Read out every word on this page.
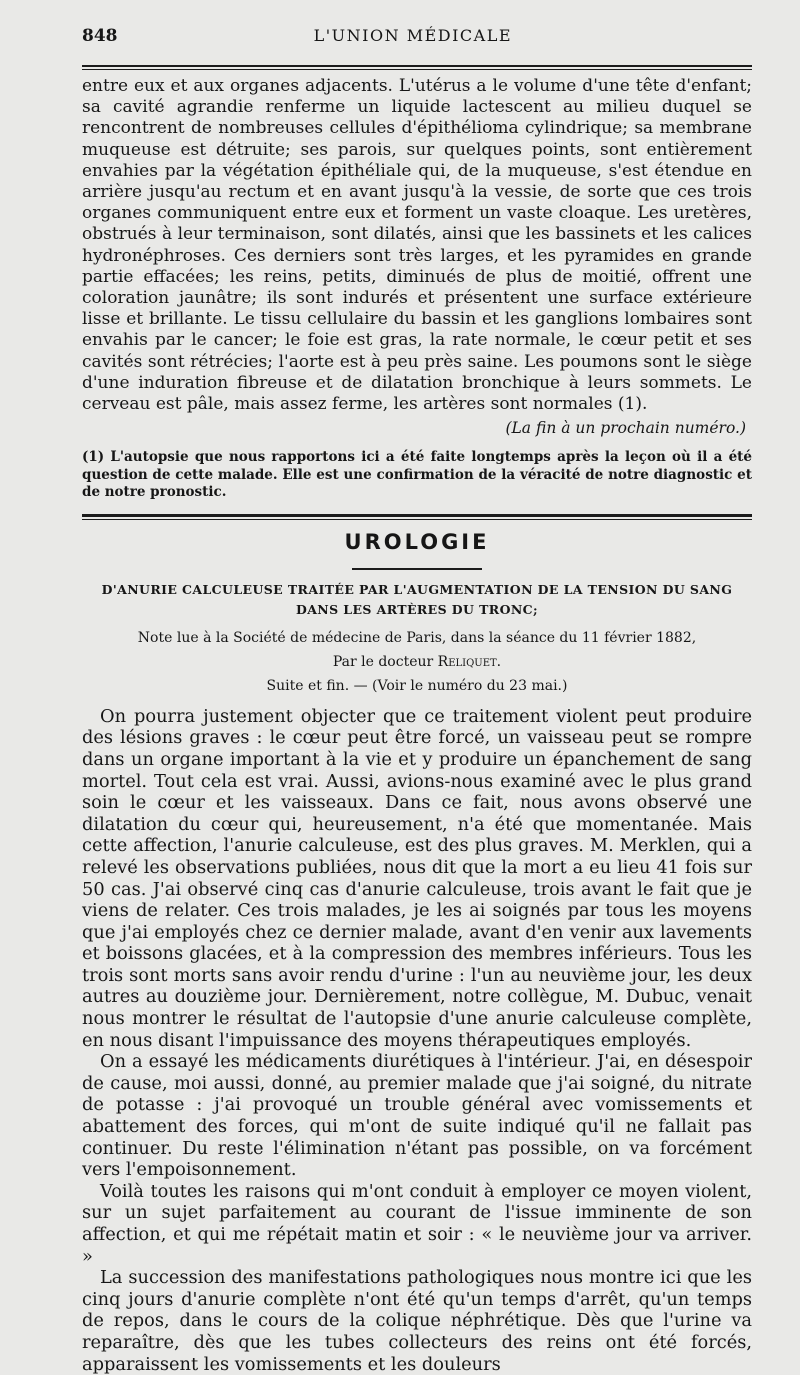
848	L'UNION MÉDICALE

entre eux et aux organes adjacents. L'utérus a le volume d'une tête d'enfant; sa cavité agrandie renferme un liquide lactescent au milieu duquel se rencontrent de nombreuses cellules d'épithélioma cylindrique; sa membrane muqueuse est détruite; ses parois, sur quelques points, sont entièrement envahies par la végétation épithéliale qui, de la muqueuse, s'est étendue en arrière jusqu'au rectum et en avant jusqu'à la vessie, de sorte que ces trois organes communiquent entre eux et forment un vaste cloaque. Les uretères, obstrués à leur terminaison, sont dilatés, ainsi que les bassinets et les calices hydronéphroses. Ces derniers sont très larges, et les pyramides en grande partie effacées; les reins, petits, diminués de plus de moitié, offrent une coloration jaunâtre; ils sont indurés et présentent une surface extérieure lisse et brillante. Le tissu cellulaire du bassin et les ganglions lombaires sont envahis par le cancer; le foie est gras, la rate normale, le cœur petit et ses cavités sont rétrécies; l'aorte est à peu près saine. Les poumons sont le siège d'une induration fibreuse et de dilatation bronchique à leurs sommets. Le cerveau est pâle, mais assez ferme, les artères sont normales (1).

(La fin à un prochain numéro.)

(1) L'autopsie que nous rapportons ici a été faite longtemps après la leçon où il a été question de cette malade. Elle est une confirmation de la véracité de notre diagnostic et de notre pronostic.

UROLOGIE
D'ANURIE CALCULEUSE TRAITÉE PAR L'AUGMENTATION DE LA TENSION DU SANG
DANS LES ARTÈRES DU TRONC;
Note lue à la Société de médecine de Paris, dans la séance du 11 février 1882,
Par le docteur Reliquet.
Suite et fin. — (Voir le numéro du 23 mai.)

On pourra justement objecter que ce traitement violent peut produire des lésions graves : le cœur peut être forcé, un vaisseau peut se rompre dans un organe important à la vie et y produire un épanchement de sang mortel. Tout cela est vrai. Aussi, avions-nous examiné avec le plus grand soin le cœur et les vaisseaux. Dans ce fait, nous avons observé une dilatation du cœur qui, heureusement, n'a été que momentanée. Mais cette affection, l'anurie calculeuse, est des plus graves. M. Merklen, qui a relevé les observations publiées, nous dit que la mort a eu lieu 41 fois sur 50 cas. J'ai observé cinq cas d'anurie calculeuse, trois avant le fait que je viens de relater. Ces trois malades, je les ai soignés par tous les moyens que j'ai employés chez ce dernier malade, avant d'en venir aux lavements et boissons glacées, et à la compression des membres inférieurs. Tous les trois sont morts sans avoir rendu d'urine : l'un au neuvième jour, les deux autres au douzième jour. Dernièrement, notre collègue, M. Dubuc, venait nous montrer le résultat de l'autopsie d'une anurie calculeuse complète, en nous disant l'impuissance des moyens thérapeutiques employés.

On a essayé les médicaments diurétiques à l'intérieur. J'ai, en désespoir de cause, moi aussi, donné, au premier malade que j'ai soigné, du nitrate de potasse : j'ai provoqué un trouble général avec vomissements et abattement des forces, qui m'ont de suite indiqué qu'il ne fallait pas continuer. Du reste l'élimination n'étant pas possible, on va forcément vers l'empoisonnement.

Voilà toutes les raisons qui m'ont conduit à employer ce moyen violent, sur un sujet parfaitement au courant de l'issue imminente de son affection, et qui me répétait matin et soir : « le neuvième jour va arriver. »

La succession des manifestations pathologiques nous montre ici que les cinq jours d'anurie complète n'ont été qu'un temps d'arrêt, qu'un temps de repos, dans le cours de la colique néphrétique. Dès que l'urine va reparaître, dès que les tubes collecteurs des reins ont été forcés, apparaissent les vomissements et les douleurs
